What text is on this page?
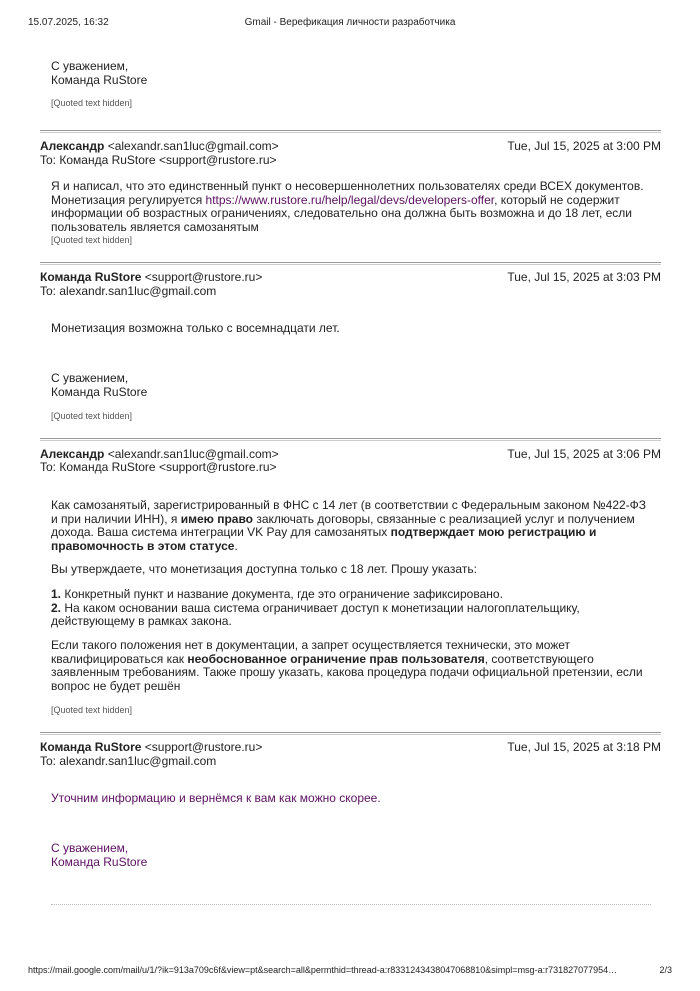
15.07.2025, 16:32	Gmail - Верефикация личности разработчика
С уважением,
Команда RuStore
[Quoted text hidden]
Александр <alexandr.san1luc@gmail.com>	Tue, Jul 15, 2025 at 3:00 PM
To: Команда RuStore <support@rustore.ru>
Я и написал, что это единственный пункт о несовершеннолетних пользователях среди ВСЕХ документов. Монетизация регулируется https://www.rustore.ru/help/legal/devs/developers-offer, который не содержит информации об возрастных ограничениях, следовательно она должна быть возможна и до 18 лет, если пользователь является самозанятым
[Quoted text hidden]
Команда RuStore <support@rustore.ru>	Tue, Jul 15, 2025 at 3:03 PM
To: alexandr.san1luc@gmail.com
Монетизация возможна только с восемнадцати лет.
С уважением,
Команда RuStore
[Quoted text hidden]
Александр <alexandr.san1luc@gmail.com>	Tue, Jul 15, 2025 at 3:06 PM
To: Команда RuStore <support@rustore.ru>
Как самозанятый, зарегистрированный в ФНС с 14 лет (в соответствии с Федеральным законом №422-ФЗ и при наличии ИНН), я имею право заключать договоры, связанные с реализацией услуг и получением дохода. Ваша система интеграции VK Pay для самозанятых подтверждает мою регистрацию и правомочность в этом статусе.
Вы утверждаете, что монетизация доступна только с 18 лет. Прошу указать:
1. Конкретный пункт и название документа, где это ограничение зафиксировано.
2. На каком основании ваша система ограничивает доступ к монетизации налогоплательщику, действующему в рамках закона.
Если такого положения нет в документации, а запрет осуществляется технически, это может квалифицироваться как необоснованное ограничение прав пользователя, соответствующего заявленным требованиям. Также прошу указать, какова процедура подачи официальной претензии, если вопрос не будет решён
[Quoted text hidden]
Команда RuStore <support@rustore.ru>	Tue, Jul 15, 2025 at 3:18 PM
To: alexandr.san1luc@gmail.com
Уточним информацию и вернёмся к вам как можно скорее.
С уважением,
Команда RuStore
https://mail.google.com/mail/u/1/?ik=913a709c6f&view=pt&search=all&permthid=thread-a:r8331243438047068810&simpl=msg-a:r731827077954…	2/3
